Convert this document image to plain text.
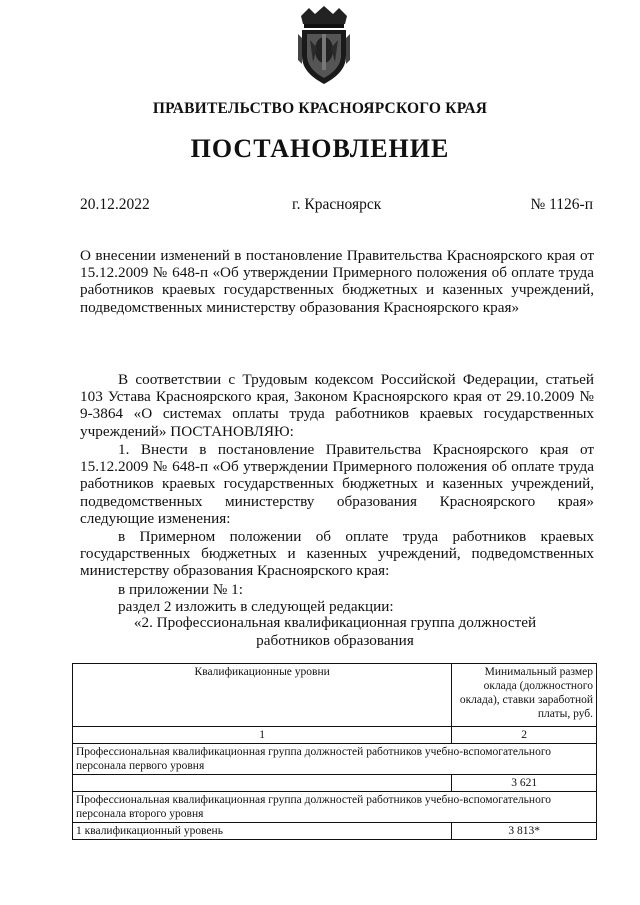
ПРАВИТЕЛЬСТВО КРАСНОЯРСКОГО КРАЯ
ПОСТАНОВЛЕНИЕ
20.12.2022	г. Красноярск	№ 1126-п
О внесении изменений в постановление Правительства Красноярского края от 15.12.2009 № 648-п «Об утверждении Примерного положения об оплате труда работников краевых государственных бюджетных и казенных учреждений, подведомственных министерству образования Красноярского края»
В соответствии с Трудовым кодексом Российской Федерации, статьей 103 Устава Красноярского края, Законом Красноярского края от 29.10.2009 № 9-3864 «О системах оплаты труда работников краевых государственных учреждений» ПОСТАНОВЛЯЮ:
1. Внести в постановление Правительства Красноярского края от 15.12.2009 № 648-п «Об утверждении Примерного положения об оплате труда работников краевых государственных бюджетных и казенных учреждений, подведомственных министерству образования Красноярского края» следующие изменения:
в Примерном положении об оплате труда работников краевых государственных бюджетных и казенных учреждений, подведомственных министерству образования Красноярского края:
в приложении № 1:
раздел 2 изложить в следующей редакции:
«2. Профессиональная квалификационная группа должностей работников образования
Квалификационные уровни	Минимальный размер оклада (должностного оклада), ставки заработной платы, руб.
1	2
Профессиональная квалификационная группа должностей работников учебно-вспомогательного персонала первого уровня	
	3 621
Профессиональная квалификационная группа должностей работников учебно-вспомогательного персонала второго уровня	
1 квалификационный уровень	3 813*
